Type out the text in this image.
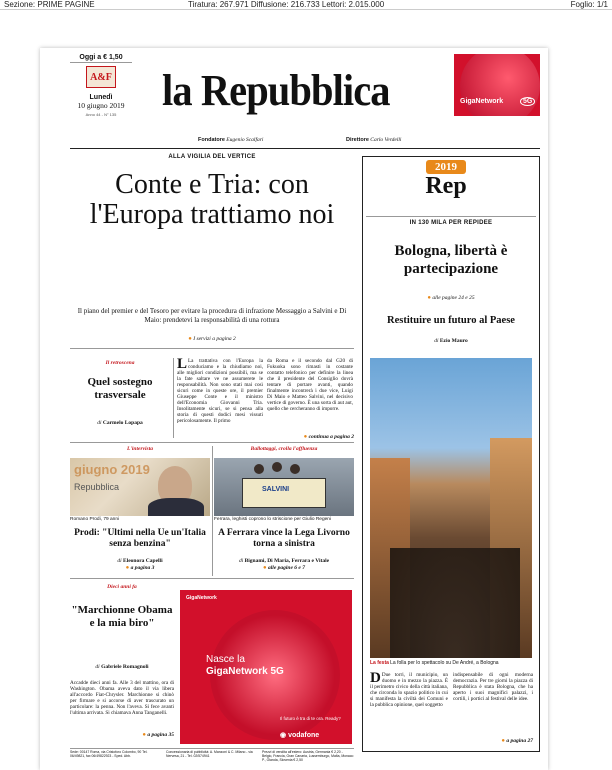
Sezione: PRIME PAGINE	Tiratura: 267.971 Diffusione: 216.733 Lettori: 2.015.000	Foglio: 1/1
Oggi a € 1,50
A&F
Lunedì
10 giugno 2019
Anno 44 - N° 135	la Repubblica
Fondatore Eugenio Scalfari	Direttore Carlo Verdelli
GigaNetwork	5G
ALLA VIGILIA DEL VERTICE
Conte e Tria: con l'Europa trattiamo noi
Il piano del premier e del Tesoro per evitare la procedura di infrazione Messaggio a Salvini e Di Maio: prendetevi la responsabilità di una rottura
● I servizi a pagina 2
Il retroscena
Quel sostegno trasversale
di Carmelo Lopapa
L La trattativa con l'Europa la conduciamo e la chiudiamo noi, alle migliori condizioni possibili, ma se la fate saltare ve ne assumerete le responsabilità. Non sono stati mai così sicuri come in queste ore, il premier Giuseppe Conte e il ministro dell'Economia Giovanni Tria. Insolitamente sicuri, se si pensa alla storia di questi dodici mesi vissuti pericolosamente. Il primo
da Roma e il secondo dal G20 di Fukuoka sono rimasti in costante contatto telefonico per definire la linea che il presidente del Consiglio dovrà tentare di portare avanti, quando finalmente incontrerà i due vice, Luigi Di Maio e Matteo Salvini, nel decisivo vertice di governo. È una sorta di aut aut, quello che cercheranno di imporre.
● continua a pagina 2
L'intervista
giugno 2019
Repubblica
Romano Prodi, 79 anni
Prodi: "Ultimi nella Ue un'Italia senza benzina"
di Eleonora Capelli
● a pagina 3
Ballottaggi, crolla l'affluenza
SALVINI
Ferrara, leghisti coprono lo striscione per Giulio Regeni
A Ferrara vince la Lega Livorno torna a sinistra
di Bignami, Di Maria, Ferrara e Vitale
● alle pagine 6 e 7
Dieci anni fa
"Marchionne Obama e la mia biro"
di Gabriele Romagnoli
Accadde dieci anni fa. Alle 3 del mattino, ora di Washington. Obama aveva dato il via libera all'accordo Fiat-Chrysler. Marchionne si chinò per firmare e si accorse di aver trascurato un particolare: la penna. Non l'aveva. Si fece avanti l'ultima arrivata. Si chiamava Anna Tanganelli.
● a pagina 35
GigaNetwork
Nasce la
GigaNetwork 5G
Il futuro è tra di te ora. Ready?
◉ vodafone
2019
Rep
IN 130 MILA PER REPIDEE
Bologna, libertà è partecipazione
● alle pagine 24 e 25
Restituire un futuro al Paese
di Ezio Mauro
La festa La folla per lo spettacolo su De André, a Bologna
D Due torri, il municipio, un duomo e in mezzo la piazza. È il perimetro civico della città italiana, che circonda lo spazio politico in cui si manifesta la civiltà dei Comuni e la pubblica opinione, quel soggetto
indispensabile di ogni moderna democrazia. Per tre giorni la piazza di Repubblica è stata Bologna, che ha aperto i suoi magnifici palazzi, i cortili, i portici al festival delle idee.
● a pagina 27
Sede: 00147 Roma, via Cristoforo Colombo, 90 Tel. 06/49821, fax 06/49822923 - Sped. Abb.
Concessionaria di pubblicità: A. Manzoni & C. Milano - via Nervesa, 21 - Tel. 02/574941
Prezzi di vendita all'estero: Austria, Germania € 2,20 - Belgio, Francia, Gran Canaria, Lussemburgo, Malta, Monaco P., Olanda, Slovenia € 2,50
